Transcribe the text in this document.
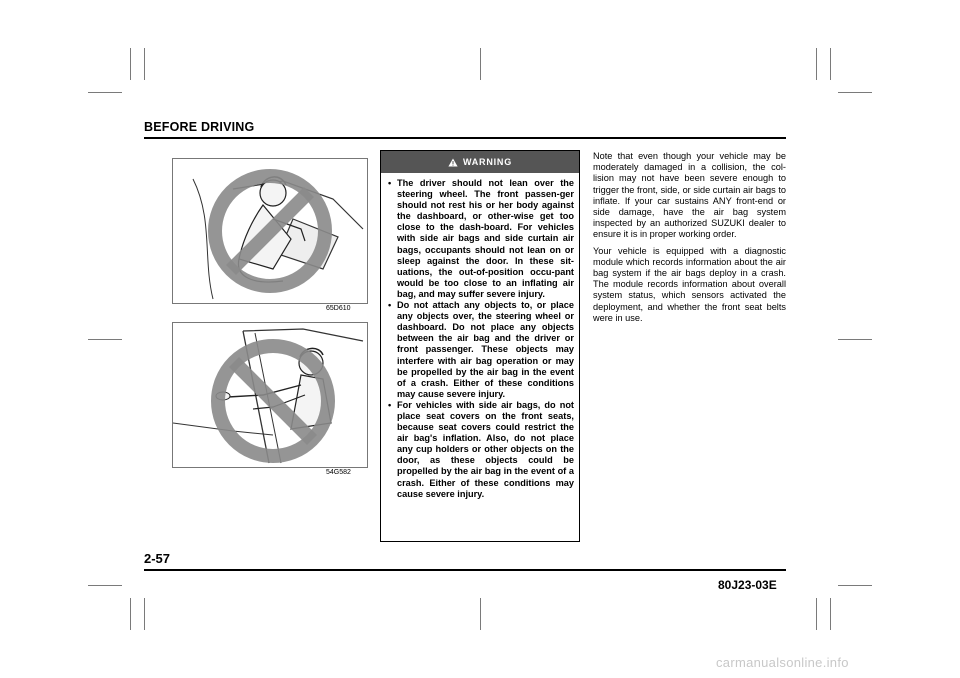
BEFORE DRIVING
65D610
54G582
WARNING
• The driver should not lean over the steering wheel. The front passen-ger should not rest his or her body against the dashboard, or other-wise get too close to the dash-board. For vehicles with side air bags and side curtain air bags, occupants should not lean on or sleep against the door. In these sit-uations, the out-of-position occu-pant would be too close to an inflating air bag, and may suffer severe injury.
• Do not attach any objects to, or place any objects over, the steering wheel or dashboard. Do not place any objects between the air bag and the driver or front passenger. These objects may interfere with air bag operation or may be propelled by the air bag in the event of a crash. Either of these conditions may cause severe injury.
• For vehicles with side air bags, do not place seat covers on the front seats, because seat covers could restrict the air bag's inflation. Also, do not place any cup holders or other objects on the door, as these objects could be propelled by the air bag in the event of a crash. Either of these conditions may cause severe injury.

Note that even though your vehicle may be moderately damaged in a collision, the col-lision may not have been severe enough to trigger the front, side, or side curtain air bags to inflate. If your car sustains ANY front-end or side damage, have the air bag system inspected by an authorized SUZUKI dealer to ensure it is in proper working order.

Your vehicle is equipped with a diagnostic module which records information about the air bag system if the air bags deploy in a crash. The module records information about overall system status, which sensors activated the deployment, and whether the front seat belts were in use.

2-57
80J23-03E
carmanualsonline.info
